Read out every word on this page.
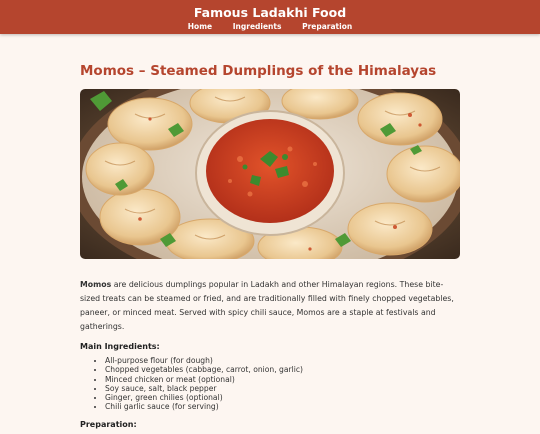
Famous Ladakhi Food
Home	Ingredients	Preparation
Momos – Steamed Dumplings of the Himalayas

Momos are delicious dumplings popular in Ladakh and other Himalayan regions. These bite-sized treats can be steamed or fried, and are traditionally filled with finely chopped vegetables, paneer, or minced meat. Served with spicy chili sauce, Momos are a staple at festivals and gatherings.

Main Ingredients:
• All-purpose flour (for dough)
• Chopped vegetables (cabbage, carrot, onion, garlic)
• Minced chicken or meat (optional)
• Soy sauce, salt, black pepper
• Ginger, green chilies (optional)
• Chili garlic sauce (for serving)
Preparation:
